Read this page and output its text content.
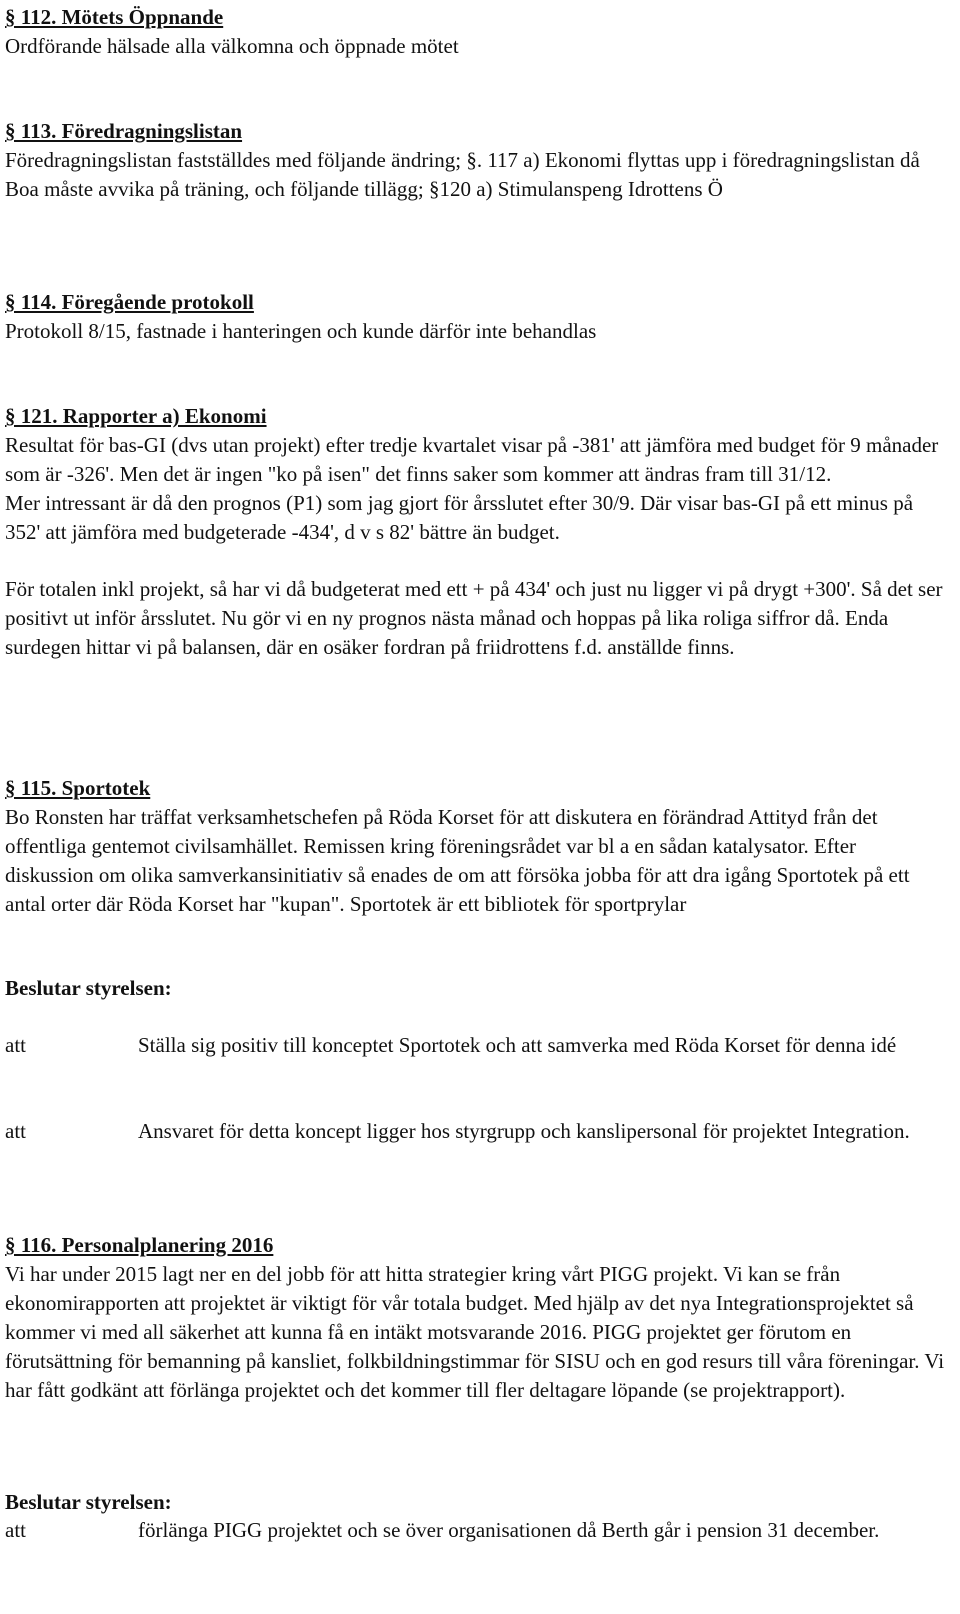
§ 112. Mötets Öppnande

Ordförande hälsade alla välkomna och öppnade mötet

§ 113. Föredragningslistan

Föredragningslistan fastställdes med följande ändring; §. 117 a) Ekonomi flyttas upp i föredragningslistan då Boa måste avvika på träning, och följande tillägg; §120 a) Stimulanspeng Idrottens Ö

§ 114. Föregående protokoll

Protokoll 8/15, fastnade i hanteringen och kunde därför inte behandlas

§ 121. Rapporter a) Ekonomi

Resultat för bas-GI (dvs utan projekt) efter tredje kvartalet visar på -381' att jämföra med budget för 9 månader som är -326'. Men det är ingen "ko på isen" det finns saker som kommer att ändras fram till 31/12.

Mer intressant är då den prognos (P1) som jag gjort för årsslutet efter 30/9. Där visar bas-GI på ett minus på 352' att jämföra med budgeterade -434', d v s 82' bättre än budget.

För totalen inkl projekt, så har vi då budgeterat med ett + på 434' och just nu ligger vi på drygt +300'. Så det ser positivt ut inför årsslutet. Nu gör vi en ny prognos nästa månad och hoppas på lika roliga siffror då. Enda surdegen hittar vi på balansen, där en osäker fordran på friidrottens f.d. anställde finns.

§ 115. Sportotek

Bo Ronsten har träffat verksamhetschefen på Röda Korset för att diskutera en förändrad Attityd från det offentliga gentemot civilsamhället. Remissen kring föreningsrådet var bl a en sådan katalysator. Efter diskussion om olika samverkansinitiativ så enades de om att försöka jobba för att dra igång Sportotek på ett antal orter där Röda Korset har "kupan". Sportotek är ett bibliotek för sportprylar

Beslutar styrelsen:
att	Ställa sig positiv till konceptet Sportotek och att samverka med Röda Korset för denna idé
att	Ansvaret för detta koncept ligger hos styrgrupp och kanslipersonal för projektet Integration.
§ 116. Personalplanering 2016

Vi har under 2015 lagt ner en del jobb för att hitta strategier kring vårt PIGG projekt. Vi kan se från ekonomirapporten att projektet är viktigt för vår totala budget. Med hjälp av det nya Integrationsprojektet så kommer vi med all säkerhet att kunna få en intäkt motsvarande 2016. PIGG projektet ger förutom en förutsättning för bemanning på kansliet, folkbildningstimmar för SISU och en god resurs till våra föreningar. Vi har fått godkänt att förlänga projektet och det kommer till fler deltagare löpande (se projektrapport).

Beslutar styrelsen:
att	förlänga PIGG projektet och se över organisationen då Berth går i pension 31 december.
